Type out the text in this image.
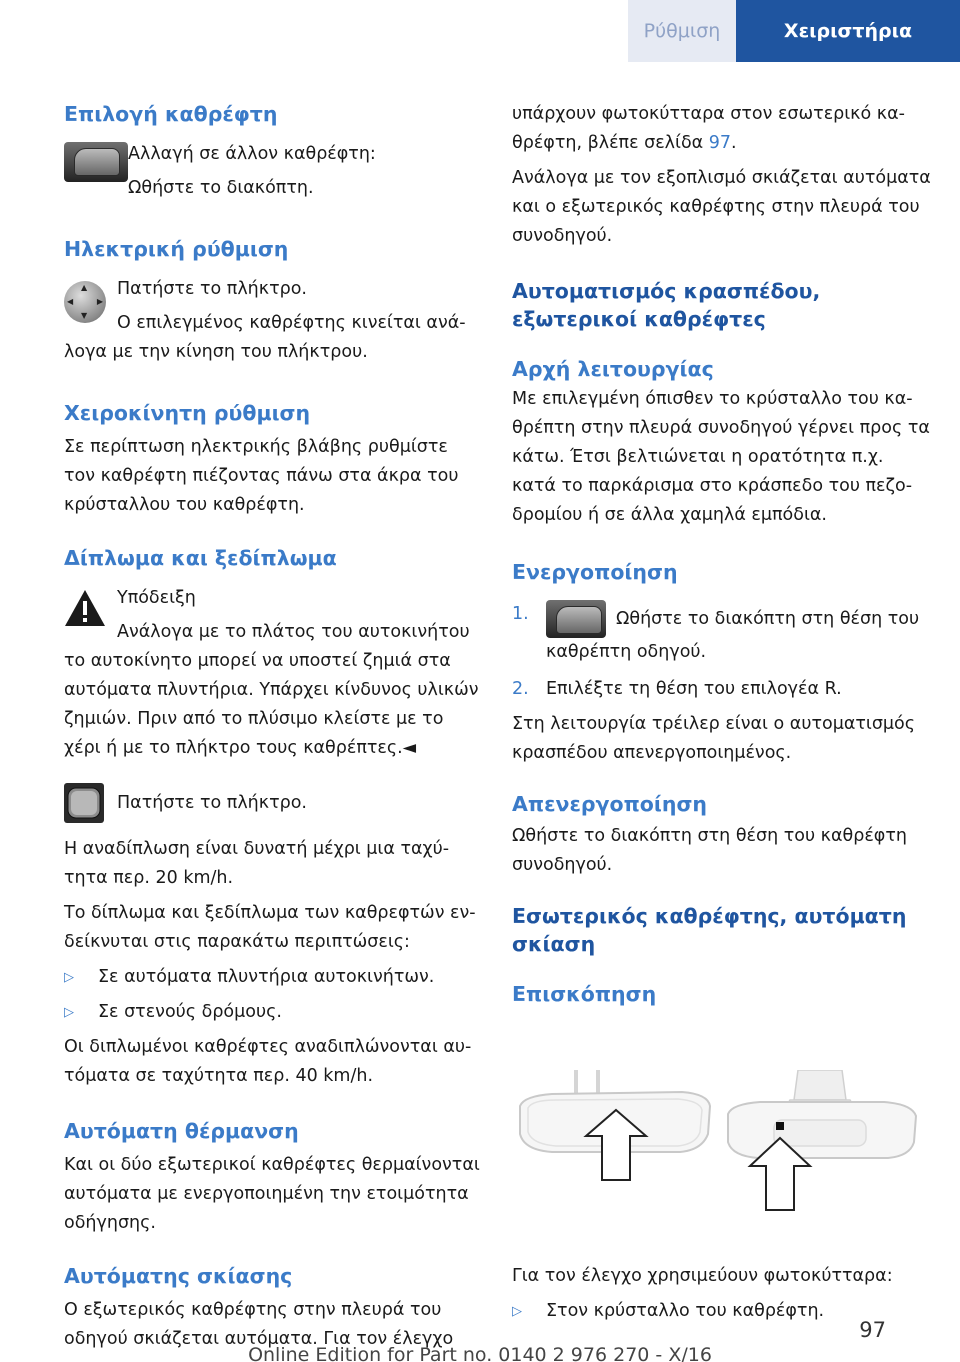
Ρύθμιση	Χειριστήρια
Επιλογή καθρέφτη

Αλλαγή σε άλλον καθρέφτη:

Ωθήστε το διακόπτη.

Ηλεκτρική ρύθμιση
▲
▼
◀	▶

Πατήστε το πλήκτρο.

Ο επιλεγμένος καθρέφτης κινείται ανά-

λογα με την κίνηση του πλήκτρου.

Χειροκίνητη ρύθμιση

Σε περίπτωση ηλεκτρικής βλάβης ρυθμίστε τον καθρέφτη πιέζοντας πάνω στα άκρα του κρύσταλλου του καθρέφτη.

Δίπλωμα και ξεδίπλωμα

Υπόδειξη

Ανάλογα με το πλάτος του αυτοκινήτου

το αυτοκίνητο μπορεί να υποστεί ζημιά στα αυτόματα πλυντήρια. Υπάρχει κίνδυνος υλικών ζημιών. Πριν από το πλύσιμο κλείστε με το χέρι ή με το πλήκτρο τους καθρέπτες.◄

Πατήστε το πλήκτρο.

Η αναδίπλωση είναι δυνατή μέχρι μια ταχύτητα περ. 20 km/h.

Το δίπλωμα και ξεδίπλωμα των καθρεφτών ενδείκνυται στις παρακάτω περιπτώσεις:

▷ Σε αυτόματα πλυντήρια αυτοκινήτων.
▷ Σε στενούς δρόμους.

Οι διπλωμένοι καθρέφτες αναδιπλώνονται αυτόματα σε ταχύτητα περ. 40 km/h.

Αυτόματη θέρμανση

Και οι δύο εξωτερικοί καθρέφτες θερμαίνονται αυτόματα με ενεργοποιημένη την ετοιμότητα οδήγησης.

Αυτόματης σκίασης

Ο εξωτερικός καθρέφτης στην πλευρά του οδηγού σκιάζεται αυτόματα. Για τον έλεγχο

υπάρχουν φωτοκύτταρα στον εσωτερικό καθρέφτη, βλέπε σελίδα 97.

Ανάλογα με τον εξοπλισμό σκιάζεται αυτόματα και ο εξωτερικός καθρέφτης στην πλευρά του συνοδηγού.

Αυτοματισμός κρασπέδου, εξωτερικοί καθρέφτες
Αρχή λειτουργίας

Με επιλεγμένη όπισθεν το κρύσταλλο του καθρέπτη στην πλευρά συνοδηγού γέρνει προς τα κάτω. Έτσι βελτιώνεται η ορατότητα π.χ. κατά το παρκάρισμα στο κράσπεδο του πεζοδρομίου ή σε άλλα χαμηλά εμπόδια.

Ενεργοποίηση
1.	Ωθήστε το διακόπτη στη θέση του
καθρέπτη οδηγού.
2. Επιλέξτε τη θέση του επιλογέα R.

Στη λειτουργία τρέιλερ είναι ο αυτοματισμός κρασπέδου απενεργοποιημένος.

Απενεργοποίηση

Ωθήστε το διακόπτη στη θέση του καθρέφτη συνοδηγού.

Εσωτερικός καθρέφτης, αυτόματη σκίαση
Επισκόπηση

Για τον έλεγχο χρησιμεύουν φωτοκύτταρα:

▷ Στον κρύσταλλο του καθρέφτη.
97
Online Edition for Part no. 0140 2 976 270 - X/16
